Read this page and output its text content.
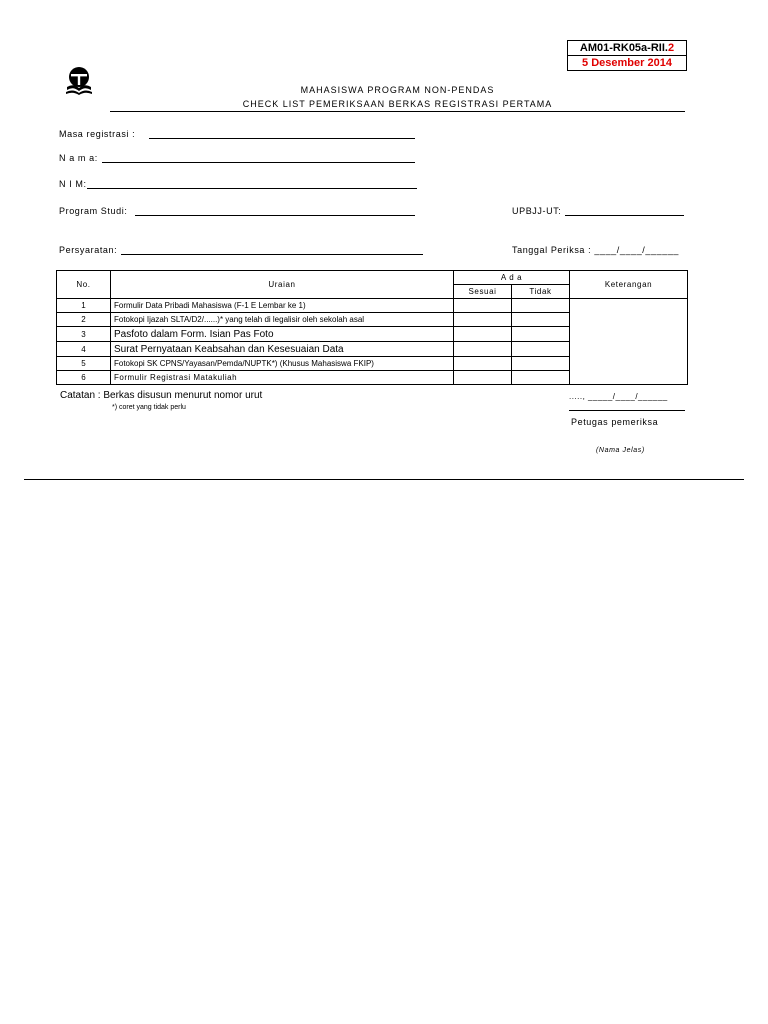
AM01-RK05a-RII.2
5 Desember 2014
MAHASISWA PROGRAM NON-PENDAS
CHECK LIST PEMERIKSAAN BERKAS REGISTRASI PERTAMA
Masa registrasi :
N a m a:
N I M:
Program Studi:	UPBJJ-UT:
Persyaratan:	Tanggal Periksa : ____/____/______
No.	Uraian	A d a		Keterangan
		Sesuai	Tidak	
1	Formulir Data Pribadi Mahasiswa (F-1 E Lembar ke 1)			
2	Fotokopi Ijazah SLTA/D2/......)* yang telah di legalisir oleh sekolah asal			
3	Pasfoto dalam Form. Isian Pas Foto			
4	Surat Pernyataan Keabsahan dan Kesesuaian Data			
5	Fotokopi SK CPNS/Yayasan/Pemda/NUPTK*) (Khusus Mahasiswa FKIP)			
6	Formulir Registrasi Matakuliah			
Catatan : Berkas disusun menurut nomor urut
*) coret yang tidak perlu
....., _____/____/______
Petugas pemeriksa
(Nama Jelas)
